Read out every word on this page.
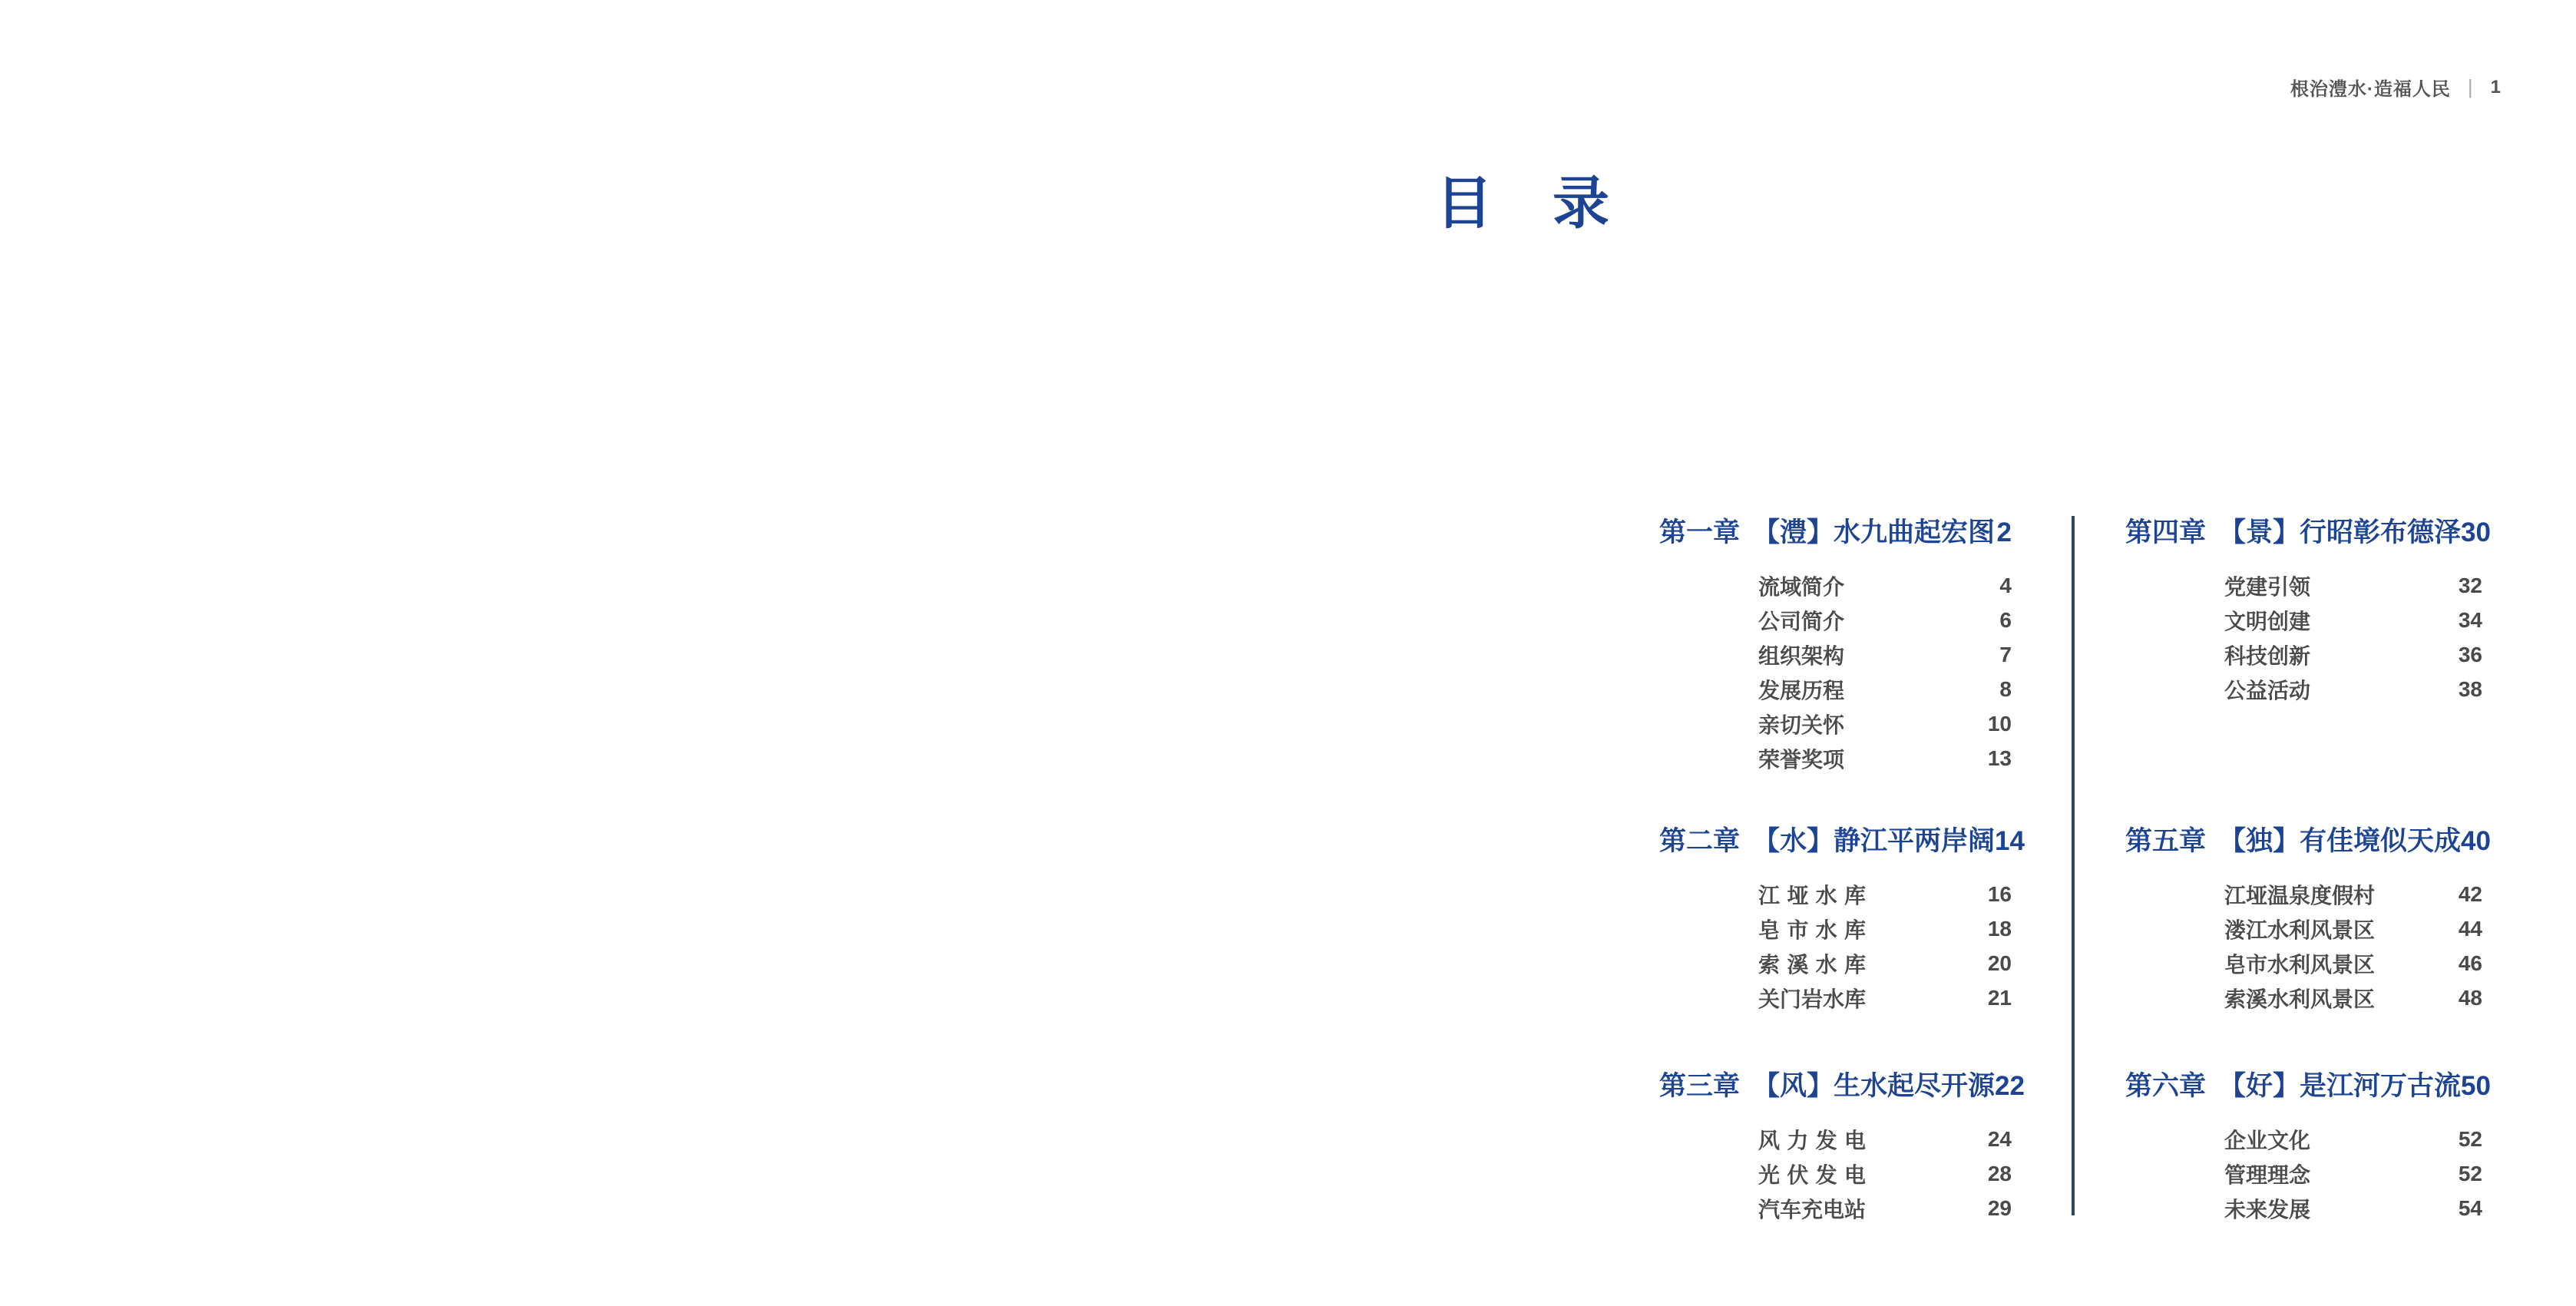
根治澧水·造福人民 | 1
目　录
第一章 【澧】水九曲起宏图 2
流域简介	4
公司简介	6
组织架构	7
发展历程	8
亲切关怀	10
荣誉奖项	13
第二章 【水】静江平两岸阔 14
江垭水库	16
皂市水库	18
索溪水库	20
关门岩水库	21
第三章 【风】生水起尽开源 22
风力发电	24
光伏发电	28
汽车充电站	29
第四章 【景】行昭彰布德泽 30
党建引领	32
文明创建	34
科技创新	36
公益活动	38
第五章 【独】有佳境似天成 40
江垭温泉度假村	42
溇江水利风景区	44
皂市水利风景区	46
索溪水利风景区	48
第六章 【好】是江河万古流 50
企业文化	52
管理理念	52
未来发展	54
